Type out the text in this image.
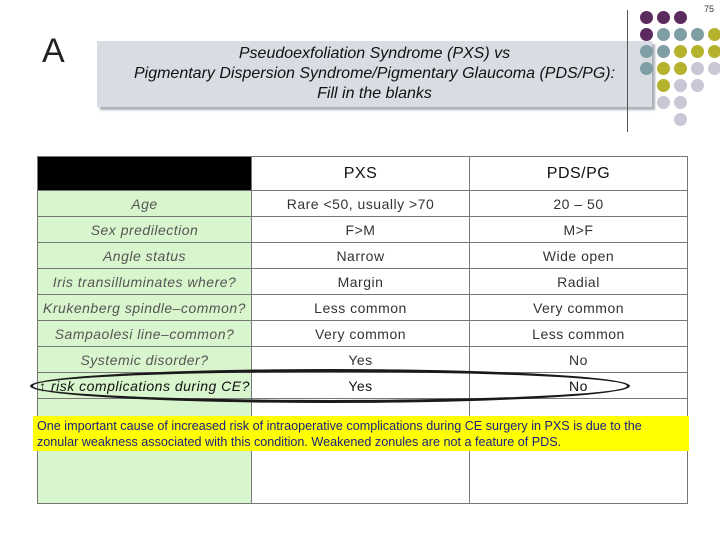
75
A	Pseudoexfoliation Syndrome (PXS) vs
Pigmentary Dispersion Syndrome/Pigmentary Glaucoma (PDS/PG):
Fill in the blanks
	PXS	PDS/PG
Age	Rare <50, usually >70	20 – 50
Sex predilection	F>M	M>F
Angle status	Narrow	Wide open
Iris transilluminates where?	Margin	Radial
Krukenberg spindle–common?	Less common	Very common
Sampaolesi line–common?	Very common	Less common
Systemic disorder?	Yes	No
↑ risk complications during CE?	Yes	No

One important cause of increased risk of intraoperative complications during CE surgery in PXS is due to the zonular weakness associated with this condition. Weakened zonules are not a feature of PDS.
